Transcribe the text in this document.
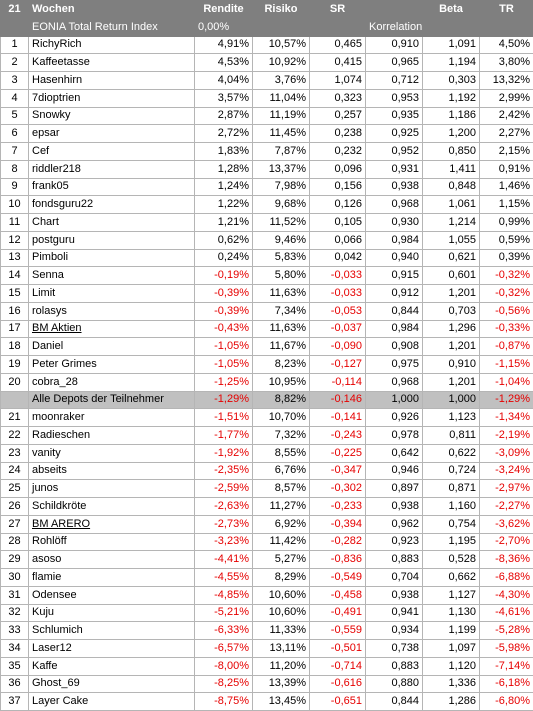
21	Wochen	Rendite	Risiko	SR		Beta	TR
	EONIA Total Return Index	0,00%			Korrelation		
1	RichyRich	4,91%	10,57%	0,465	0,910	1,091	4,50%
2	Kaffeetasse	4,53%	10,92%	0,415	0,965	1,194	3,80%
3	Hasenhirn	4,04%	3,76%	1,074	0,712	0,303	13,32%
4	7dioptrien	3,57%	11,04%	0,323	0,953	1,192	2,99%
5	Snowky	2,87%	11,19%	0,257	0,935	1,186	2,42%
6	epsar	2,72%	11,45%	0,238	0,925	1,200	2,27%
7	Cef	1,83%	7,87%	0,232	0,952	0,850	2,15%
8	riddler218	1,28%	13,37%	0,096	0,931	1,411	0,91%
9	frank05	1,24%	7,98%	0,156	0,938	0,848	1,46%
10	fondsguru22	1,22%	9,68%	0,126	0,968	1,061	1,15%
11	Chart	1,21%	11,52%	0,105	0,930	1,214	0,99%
12	postguru	0,62%	9,46%	0,066	0,984	1,055	0,59%
13	Pimboli	0,24%	5,83%	0,042	0,940	0,621	0,39%
14	Senna	-0,19%	5,80%	-0,033	0,915	0,601	-0,32%
15	Limit	-0,39%	11,63%	-0,033	0,912	1,201	-0,32%
16	rolasys	-0,39%	7,34%	-0,053	0,844	0,703	-0,56%
17	BM Aktien	-0,43%	11,63%	-0,037	0,984	1,296	-0,33%
18	Daniel	-1,05%	11,67%	-0,090	0,908	1,201	-0,87%
19	Peter Grimes	-1,05%	8,23%	-0,127	0,975	0,910	-1,15%
20	cobra_28	-1,25%	10,95%	-0,114	0,968	1,201	-1,04%
	Alle Depots der Teilnehmer	-1,29%	8,82%	-0,146	1,000	1,000	-1,29%
21	moonraker	-1,51%	10,70%	-0,141	0,926	1,123	-1,34%
22	Radieschen	-1,77%	7,32%	-0,243	0,978	0,811	-2,19%
23	vanity	-1,92%	8,55%	-0,225	0,642	0,622	-3,09%
24	abseits	-2,35%	6,76%	-0,347	0,946	0,724	-3,24%
25	junos	-2,59%	8,57%	-0,302	0,897	0,871	-2,97%
26	Schildkröte	-2,63%	11,27%	-0,233	0,938	1,160	-2,27%
27	BM ARERO	-2,73%	6,92%	-0,394	0,962	0,754	-3,62%
28	Rohlöff	-3,23%	11,42%	-0,282	0,923	1,195	-2,70%
29	asoso	-4,41%	5,27%	-0,836	0,883	0,528	-8,36%
30	flamie	-4,55%	8,29%	-0,549	0,704	0,662	-6,88%
31	Odensee	-4,85%	10,60%	-0,458	0,938	1,127	-4,30%
32	Kuju	-5,21%	10,60%	-0,491	0,941	1,130	-4,61%
33	Schlumich	-6,33%	11,33%	-0,559	0,934	1,199	-5,28%
34	Laser12	-6,57%	13,11%	-0,501	0,738	1,097	-5,98%
35	Kaffe	-8,00%	11,20%	-0,714	0,883	1,120	-7,14%
36	Ghost_69	-8,25%	13,39%	-0,616	0,880	1,336	-6,18%
37	Layer Cake	-8,75%	13,45%	-0,651	0,844	1,286	-6,80%
